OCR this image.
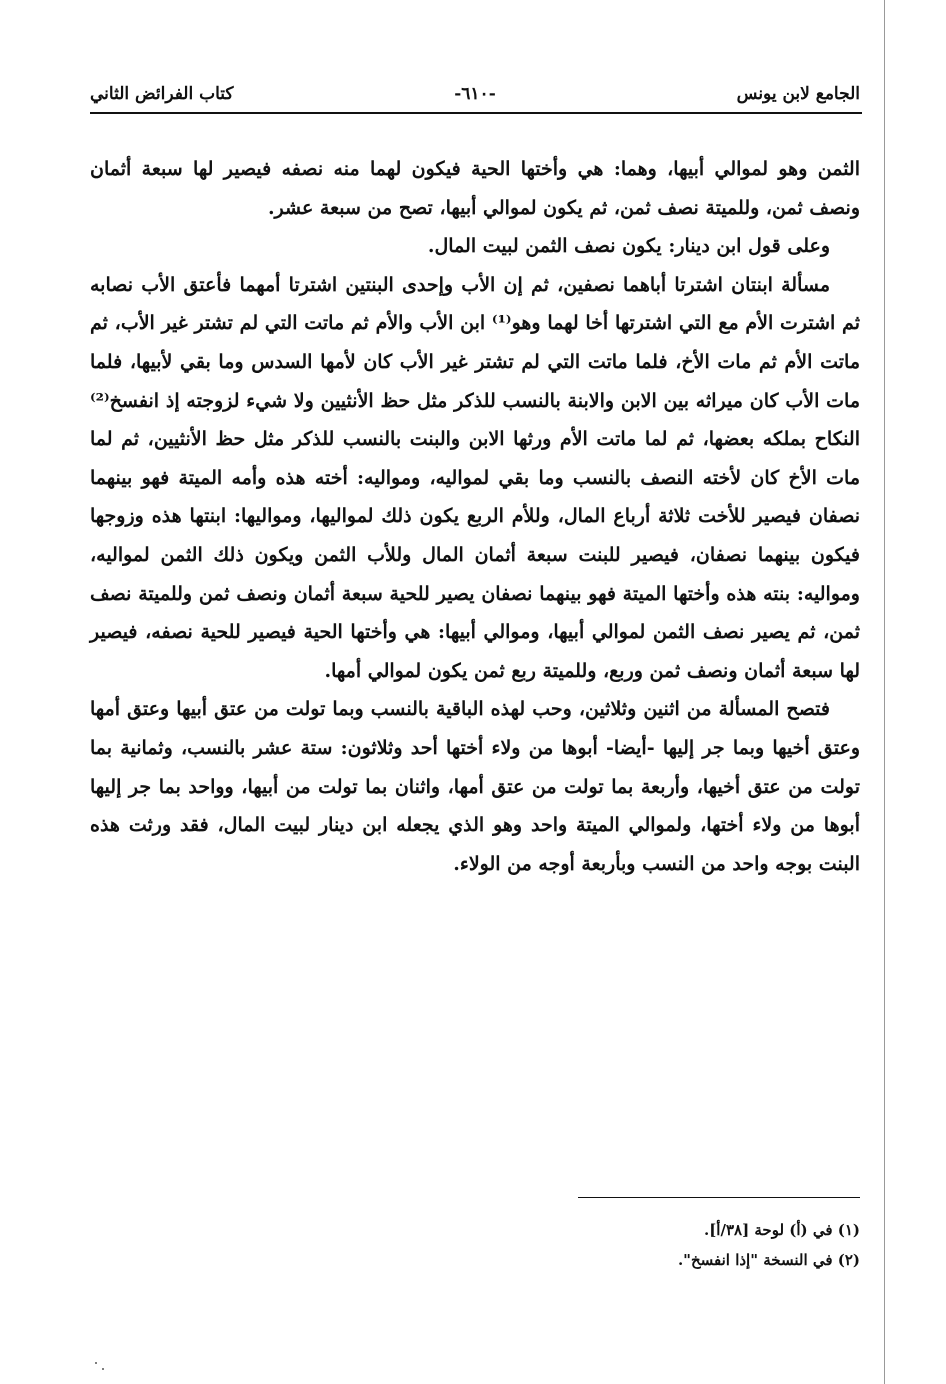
الجامع لابن يونس
-٦١٠-
كتاب الفرائض الثاني

الثمن وهو لموالي أبيها، وهما: هي وأختها الحية فيكون لهما منه نصفه فيصير لها سبعة أثمان ونصف ثمن، وللميتة نصف ثمن، ثم يكون لموالي أبيها، تصح من سبعة عشر.

وعلى قول ابن دينار: يكون نصف الثمن لبيت المال.

مسألة ابنتان اشترتا أباهما نصفين، ثم إن الأب وإحدى البنتين اشترتا أمهما فأعتق الأب نصابه ثم اشترت الأم مع التي اشترتها أخا لهما وهو⁽¹⁾ ابن الأب والأم ثم ماتت التي لم تشتر غير الأب، ثم ماتت الأم ثم مات الأخ، فلما ماتت التي لم تشتر غير الأب كان لأمها السدس وما بقي لأبيها، فلما مات الأب كان ميراثه بين الابن والابنة بالنسب للذكر مثل حظ الأنثيين ولا شيء لزوجته إذ انفسخ⁽²⁾ النكاح بملكه بعضها، ثم لما ماتت الأم ورثها الابن والبنت بالنسب للذكر مثل حظ الأنثيين، ثم لما مات الأخ كان لأخته النصف بالنسب وما بقي لمواليه، ومواليه: أخته هذه وأمه الميتة فهو بينهما نصفان فيصير للأخت ثلاثة أرباع المال، وللأم الربع يكون ذلك لمواليها، ومواليها: ابنتها هذه وزوجها فيكون بينهما نصفان، فيصير للبنت سبعة أثمان المال وللأب الثمن ويكون ذلك الثمن لمواليه، ومواليه: بنته هذه وأختها الميتة فهو بينهما نصفان يصير للحية سبعة أثمان ونصف ثمن وللميتة نصف ثمن، ثم يصير نصف الثمن لموالي أبيها، وموالي أبيها: هي وأختها الحية فيصير للحية نصفه، فيصير لها سبعة أثمان ونصف ثمن وربع، وللميتة ربع ثمن يكون لموالي أمها.

فتصح المسألة من اثنين وثلاثين، وحب لهذه الباقية بالنسب وبما تولت من عتق أبيها وعتق أمها وعتق أخيها وبما جر إليها -أيضا- أبوها من ولاء أختها أحد وثلاثون: ستة عشر بالنسب، وثمانية بما تولت من عتق أخيها، وأربعة بما تولت من عتق أمها، واثنان بما تولت من أبيها، وواحد بما جر إليها أبوها من ولاء أختها، ولموالي الميتة واحد وهو الذي يجعله ابن دينار لبيت المال، فقد ورثت هذه البنت بوجه واحد من النسب وبأربعة أوجه من الولاء.

(١) في (أ) لوحة [٣٨/أ].
(٢) في النسخة "إذا انفسخ".
